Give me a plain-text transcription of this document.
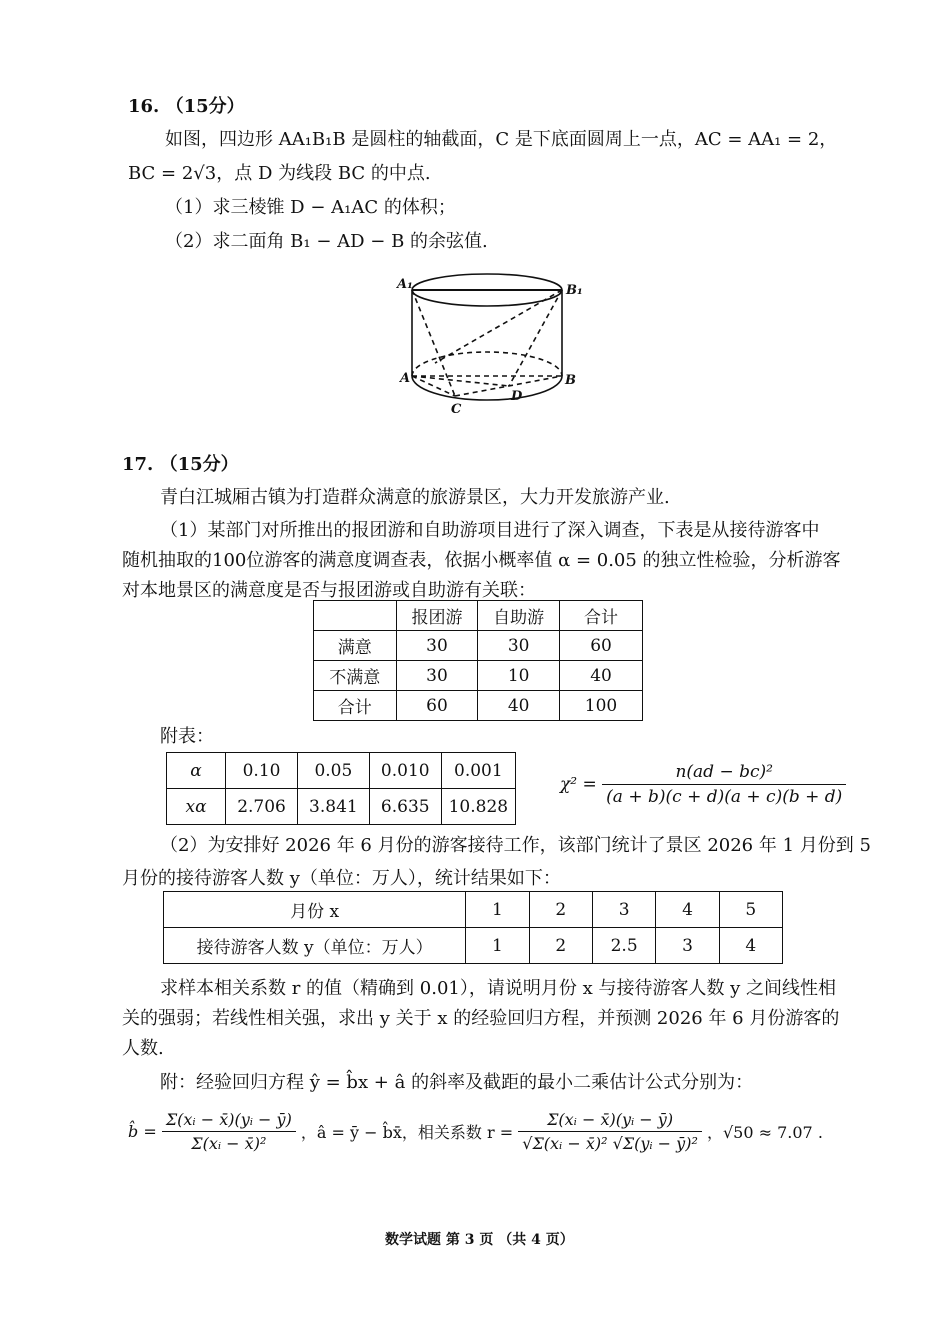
16. （15分）
如图，四边形 AA₁B₁B 是圆柱的轴截面，C 是下底面圆周上一点，AC = AA₁ = 2，
BC = 2√3，点 D 为线段 BC 的中点.
（1）求三棱锥 D − A₁AC 的体积；
（2）求二面角 B₁ − AD − B 的余弦值.
A₁	B₁
A	B
C
D
17. （15分）
青白江城厢古镇为打造群众满意的旅游景区，大力开发旅游产业.
（1）某部门对所推出的报团游和自助游项目进行了深入调查，下表是从接待游客中
随机抽取的100位游客的满意度调查表，依据小概率值 α = 0.05 的独立性检验，分析游客
对本地景区的满意度是否与报团游或自助游有关联：
	报团游	自助游	合计
满意	30	30	60
不满意	30	10	40
合计	60	40	100
附表：
α	0.10	0.05	0.010	0.001
xα	2.706	3.841	6.635	10.828
$\chi^2 = \frac{\text{n(ad − bc)²}}{(a + b)(c + d)(a + c)(b + d)}$
（2）为安排好 2026 年 6 月份的游客接待工作，该部门统计了景区 2026 年 1 月份到 5
月份的接待游客人数 y（单位：万人），统计结果如下：
月份 x	1	2	3	4	5
接待游客人数 y（单位：万人）	1	2	2.5	3	4
求样本相关系数 r 的值（精确到 0.01），请说明月份 x 与接待游客人数 y 之间线性相
关的强弱；若线性相关强，求出 y 关于 x 的经验回归方程，并预测 2026 年 6 月份游客的
人数.
附：经验回归方程 ŷ = b̂x + â 的斜率及截距的最小二乘估计公式分别为：
b̂ = $\frac{\text{Σ(xᵢ − x̄)(yᵢ − ȳ)}}{\text{Σ(xᵢ − x̄)²}}$ ，â = ȳ − b̂x̄，相关系数 $r = \frac{\text{Σ(xᵢ − x̄)(yᵢ − ȳ)}}{\text{√Σ(xᵢ − x̄)² √Σ(yᵢ − ȳ)²}}$ ，√50 ≈ 7.07 .
数学试题 第 3 页 （共 4 页）
